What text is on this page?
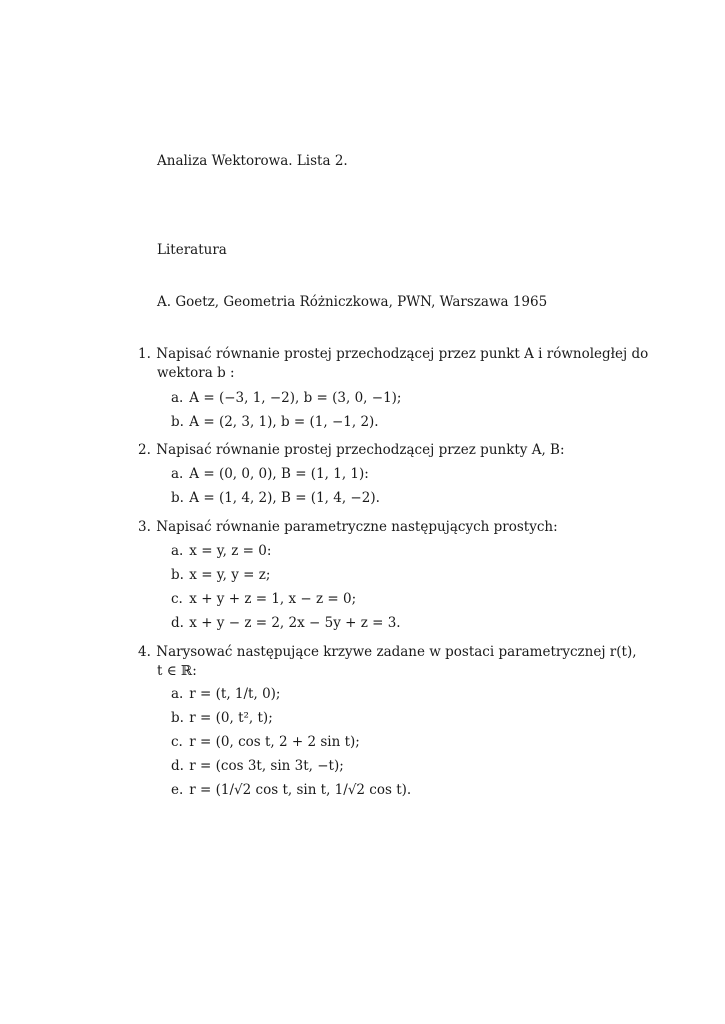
Analiza Wektorowa. Lista 2.
Literatura
A. Goetz, Geometria Różniczkowa, PWN, Warszawa 1965
1. Napisać równanie prostej przechodzącej przez punkt A i równoległej do
wektora b :
a. A = (−3, 1, −2), b = (3, 0, −1);
b. A = (2, 3, 1), b = (1, −1, 2).
2. Napisać równanie prostej przechodzącej przez punkty A, B:
a. A = (0, 0, 0), B = (1, 1, 1):
b. A = (1, 4, 2), B = (1, 4, −2).
3. Napisać równanie parametryczne następujących prostych:
a. x = y, z = 0:
b. x = y, y = z;
c. x + y + z = 1, x − z = 0;
d. x + y − z = 2, 2x − 5y + z = 3.
4. Narysować następujące krzywe zadane w postaci parametrycznej r(t),
t ∈ ℝ:
a. r = (t, 1/t, 0);
b. r = (0, t², t);
c. r = (0, cos t, 2 + 2 sin t);
d. r = (cos 3t, sin 3t, −t);
e. r = (1/√2 cos t, sin t, 1/√2 cos t).
